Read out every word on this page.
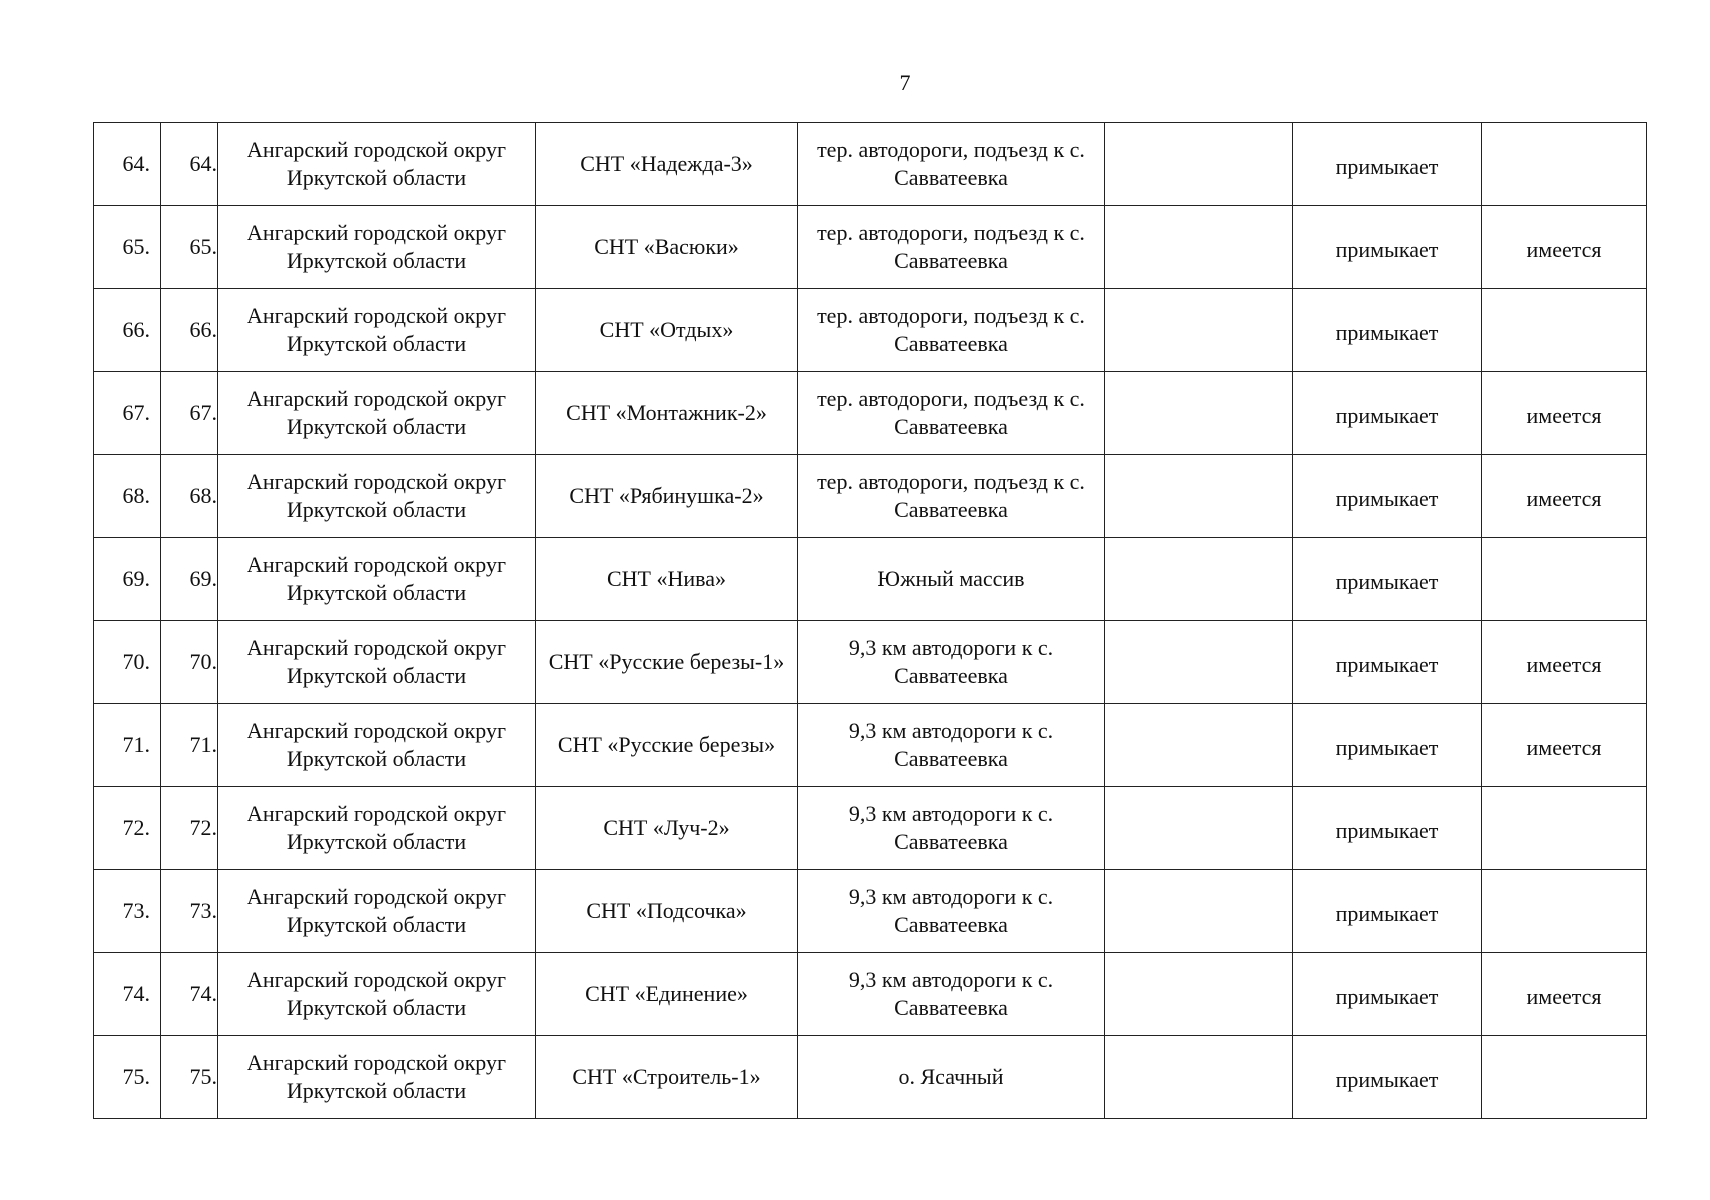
7
64.	64.	Ангарский городской округ Иркутской области	СНТ «Надежда-3»	тер. автодороги, подъезд к с. Савватеевка		примыкает	
65.	65.	Ангарский городской округ Иркутской области	СНТ «Васюки»	тер. автодороги, подъезд к с. Савватеевка		примыкает	имеется
66.	66.	Ангарский городской округ Иркутской области	СНТ «Отдых»	тер. автодороги, подъезд к с. Савватеевка		примыкает	
67.	67.	Ангарский городской округ Иркутской области	СНТ «Монтажник-2»	тер. автодороги, подъезд к с. Савватеевка		примыкает	имеется
68.	68.	Ангарский городской округ Иркутской области	СНТ «Рябинушка-2»	тер. автодороги, подъезд к с. Савватеевка		примыкает	имеется
69.	69.	Ангарский городской округ Иркутской области	СНТ «Нива»	Южный массив		примыкает	
70.	70.	Ангарский городской округ Иркутской области	СНТ «Русские березы-1»	9,3 км автодороги к с. Савватеевка		примыкает	имеется
71.	71.	Ангарский городской округ Иркутской области	СНТ «Русские березы»	9,3 км автодороги к с. Савватеевка		примыкает	имеется
72.	72.	Ангарский городской округ Иркутской области	СНТ «Луч-2»	9,3 км автодороги к с. Савватеевка		примыкает	
73.	73.	Ангарский городской округ Иркутской области	СНТ «Подсочка»	9,3 км автодороги к с. Савватеевка		примыкает	
74.	74.	Ангарский городской округ Иркутской области	СНТ «Единение»	9,3 км автодороги к с. Савватеевка		примыкает	имеется
75.	75.	Ангарский городской округ Иркутской области	СНТ «Строитель-1»	о. Ясачный		примыкает	
